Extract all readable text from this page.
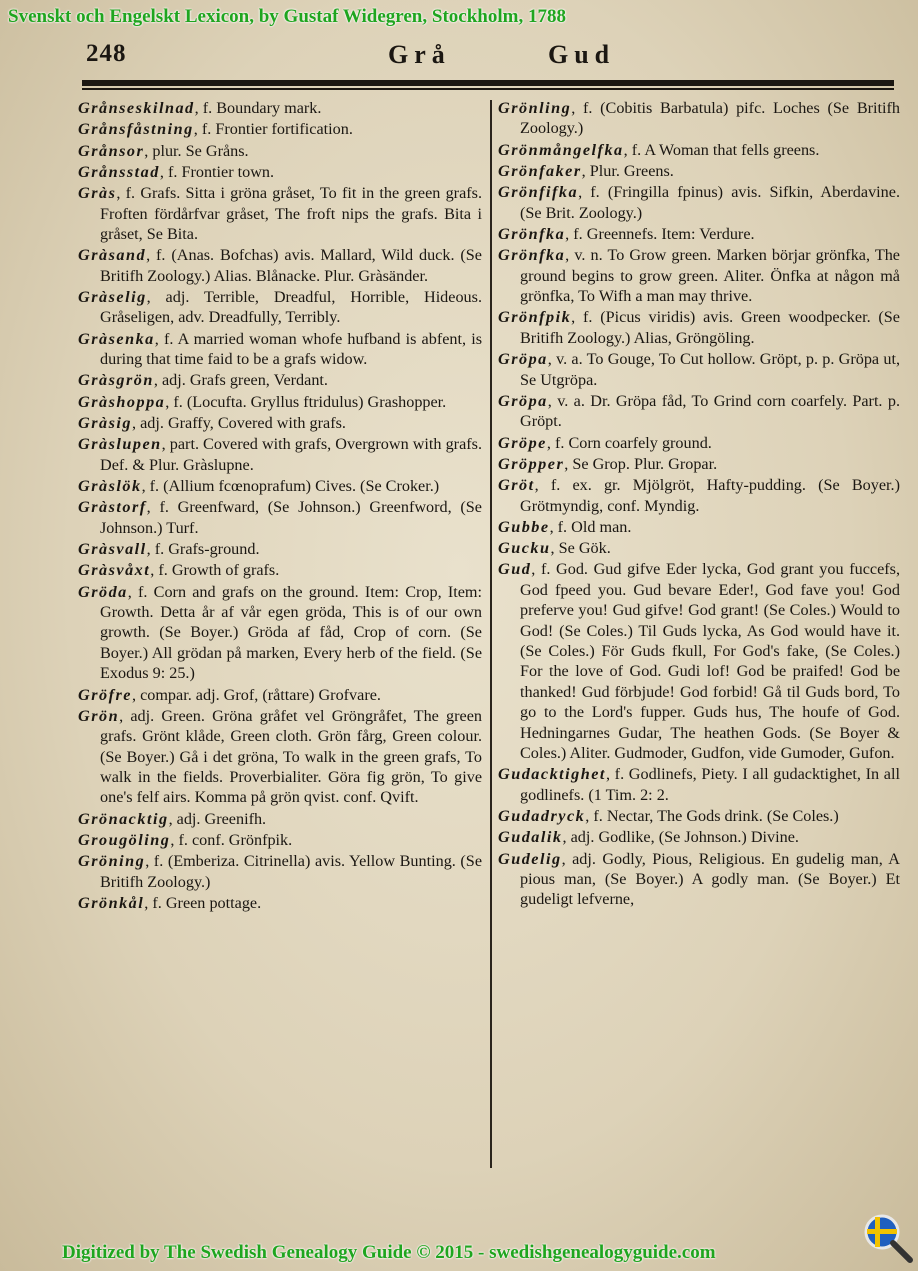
Svenskt och Engelskt Lexicon, by Gustaf Widegren, Stockholm, 1788
248	Grå	Gud
Grånseskilnad, f. Boundary mark.
Grånsfåstning, f. Frontier fortification.
Grånsor, plur. Se Gråns.
Grånsstad, f. Frontier town.
Gràs, f. Grafs. Sitta i gröna gråset, To fit in the green grafs. Froften fördårfvar gråset, The froft nips the grafs. Bita i gråset, Se Bita.
Gràsand, f. (Anas. Bofchas) avis. Mallard, Wild duck. (Se Britifh Zoology.) Alias. Blånacke. Plur. Gràsänder.
Gràselig, adj. Terrible, Dreadful, Horrible, Hideous. Gråseligen, adv. Dreadfully, Terribly.
Gràsenka, f. A married woman whofe hufband is abfent, is during that time faid to be a grafs widow.
Gràsgrön, adj. Grafs green, Verdant.
Gràshoppa, f. (Locufta. Gryllus ftridulus) Grashopper.
Gràsig, adj. Graffy, Covered with grafs.
Gràslupen, part. Covered with grafs, Overgrown with grafs. Def. & Plur. Gràslupne.
Gràslök, f. (Allium fcœnoprafum) Cives. (Se Croker.)
Gràstorf, f. Greenfward, (Se Johnson.) Greenfword, (Se Johnson.) Turf.
Gràsvall, f. Grafs-ground.
Gràsvåxt, f. Growth of grafs.
Gröda, f. Corn and grafs on the ground. Item: Crop, Item: Growth. Detta år af vår egen gröda, This is of our own growth. (Se Boyer.) Gröda af fåd, Crop of corn. (Se Boyer.) All grödan på marken, Every herb of the field. (Se Exodus 9: 25.)
Gröfre, compar. adj. Grof, (råttare) Grofvare.
Grön, adj. Green. Gröna gråfet vel Gröngråfet, The green grafs. Grönt klåde, Green cloth. Grön fårg, Green colour. (Se Boyer.) Gå i det gröna, To walk in the green grafs, To walk in the fields. Proverbialiter. Göra fig grön, To give one's felf airs. Komma på grön qvist. conf. Qvift.
Grönacktig, adj. Greenifh.
Grougöling, f. conf. Grönfpik.
Gröning, f. (Emberiza. Citrinella) avis. Yellow Bunting. (Se Britifh Zoology.)
Grönkål, f. Green pottage.
Grönling, f. (Cobitis Barbatula) pifc. Loches (Se Britifh Zoology.)
Grönmångelfka, f. A Woman that fells greens.
Grönfaker, Plur. Greens.
Grönfifka, f. (Fringilla fpinus) avis. Sifkin, Aberdavine. (Se Brit. Zoology.)
Grönfka, f. Greennefs. Item: Verdure.
Grönfka, v. n. To Grow green. Marken börjar grönfka, The ground begins to grow green. Aliter. Önfka at någon må grönfka, To Wifh a man may thrive.
Grönfpik, f. (Picus viridis) avis. Green woodpecker. (Se Britifh Zoology.) Alias, Gröngöling.
Gröpa, v. a. To Gouge, To Cut hollow. Gröpt, p. p. Gröpa ut, Se Utgröpa.
Gröpa, v. a. Dr. Gröpa fåd, To Grind corn coarfely. Part. p. Gröpt.
Gröpe, f. Corn coarfely ground.
Gröpper, Se Grop. Plur. Gropar.
Gröt, f. ex. gr. Mjölgröt, Hafty-pudding. (Se Boyer.) Grötmyndig, conf. Myndig.
Gubbe, f. Old man.
Gucku, Se Gök.
Gud, f. God. Gud gifve Eder lycka, God grant you fuccefs, God fpeed you. Gud bevare Eder!, God fave you! God preferve you! Gud gifve! God grant! (Se Coles.) Would to God! (Se Coles.) Til Guds lycka, As God would have it. (Se Coles.) För Guds fkull, For God's fake, (Se Coles.) For the love of God. Gudi lof! God be praifed! God be thanked! Gud förbjude! God forbid! Gå til Guds bord, To go to the Lord's fupper. Guds hus, The houfe of God. Hedningarnes Gudar, The heathen Gods. (Se Boyer & Coles.) Aliter. Gudmoder, Gudfon, vide Gumoder, Gufon.
Gudacktighet, f. Godlinefs, Piety. I all gudacktighet, In all godlinefs. (1 Tim. 2: 2.
Gudadryck, f. Nectar, The Gods drink. (Se Coles.)
Gudalik, adj. Godlike, (Se Johnson.) Divine.
Gudelig, adj. Godly, Pious, Religious. En gudelig man, A pious man, (Se Boyer.) A godly man. (Se Boyer.) Et gudeligt lefverne,
Digitized by The Swedish Genealogy Guide © 2015 - swedishgenealogyguide.com
